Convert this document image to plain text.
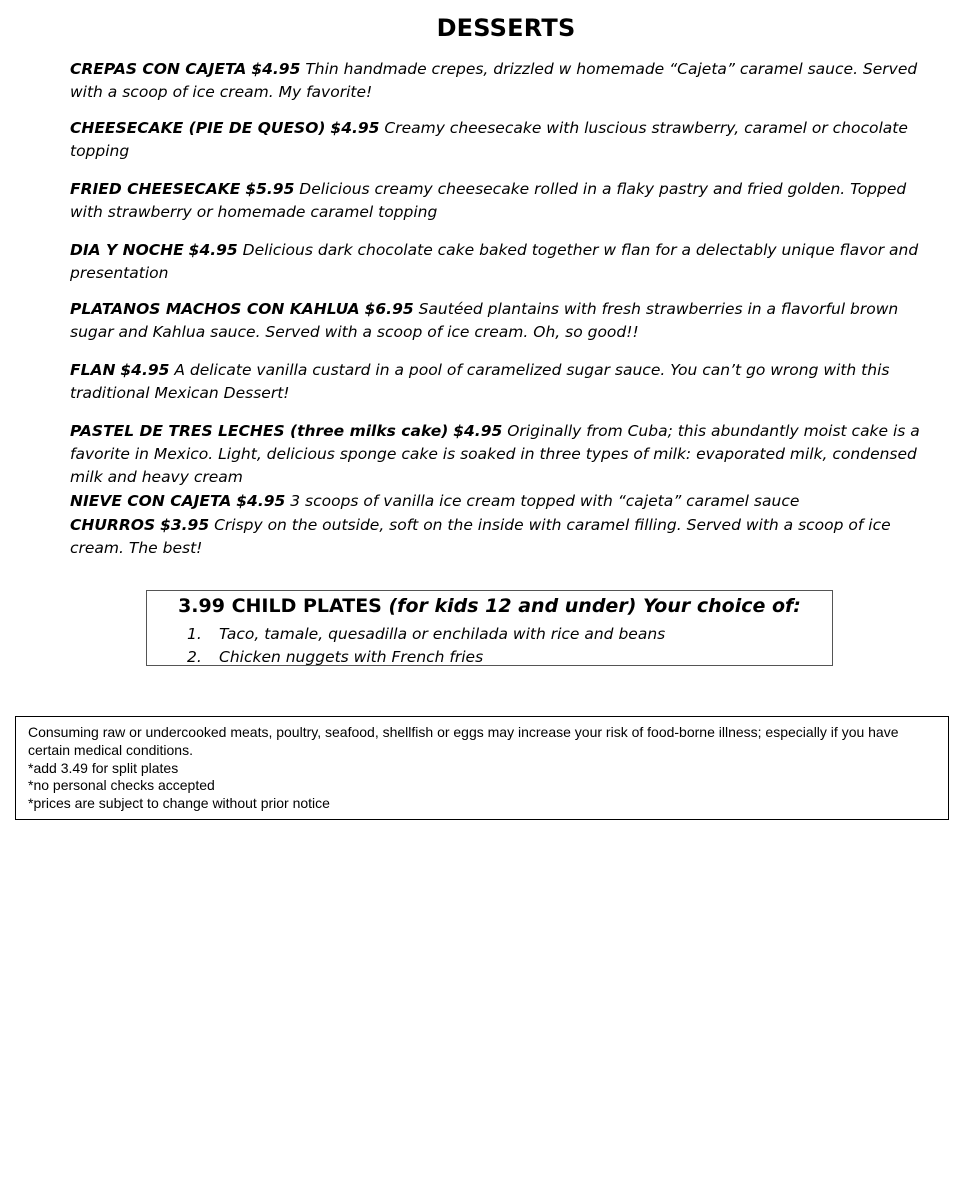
DESSERTS

CREPAS CON CAJETA $4.95 Thin handmade crepes, drizzled w homemade “Cajeta” caramel sauce. Served with a scoop of ice cream. My favorite!

CHEESECAKE (PIE DE QUESO) $4.95 Creamy cheesecake with luscious strawberry, caramel or chocolate topping

FRIED CHEESECAKE $5.95 Delicious creamy cheesecake rolled in a flaky pastry and fried golden. Topped with strawberry or homemade caramel topping

DIA Y NOCHE $4.95 Delicious dark chocolate cake baked together w flan for a delectably unique flavor and presentation

PLATANOS MACHOS CON KAHLUA $6.95 Sautéed plantains with fresh strawberries in a flavorful brown sugar and Kahlua sauce. Served with a scoop of ice cream. Oh, so good!!

FLAN $4.95 A delicate vanilla custard in a pool of caramelized sugar sauce. You can’t go wrong with this traditional Mexican Dessert!

PASTEL DE TRES LECHES (three milks cake) $4.95 Originally from Cuba; this abundantly moist cake is a favorite in Mexico. Light, delicious sponge cake is soaked in three types of milk: evaporated milk, condensed milk and heavy cream

NIEVE CON CAJETA $4.95 3 scoops of vanilla ice cream topped with “cajeta” caramel sauce

CHURROS $3.95 Crispy on the outside, soft on the inside with caramel filling. Served with a scoop of ice cream. The best!

3.99 CHILD PLATES (for kids 12 and under) Your choice of:
1. Taco, tamale, quesadilla or enchilada with rice and beans
2. Chicken nuggets with French fries

Consuming raw or undercooked meats, poultry, seafood, shellfish or eggs may increase your risk of food-borne illness; especially if you have certain medical conditions.

*add 3.49 for split plates

*no personal checks accepted

*prices are subject to change without prior notice
